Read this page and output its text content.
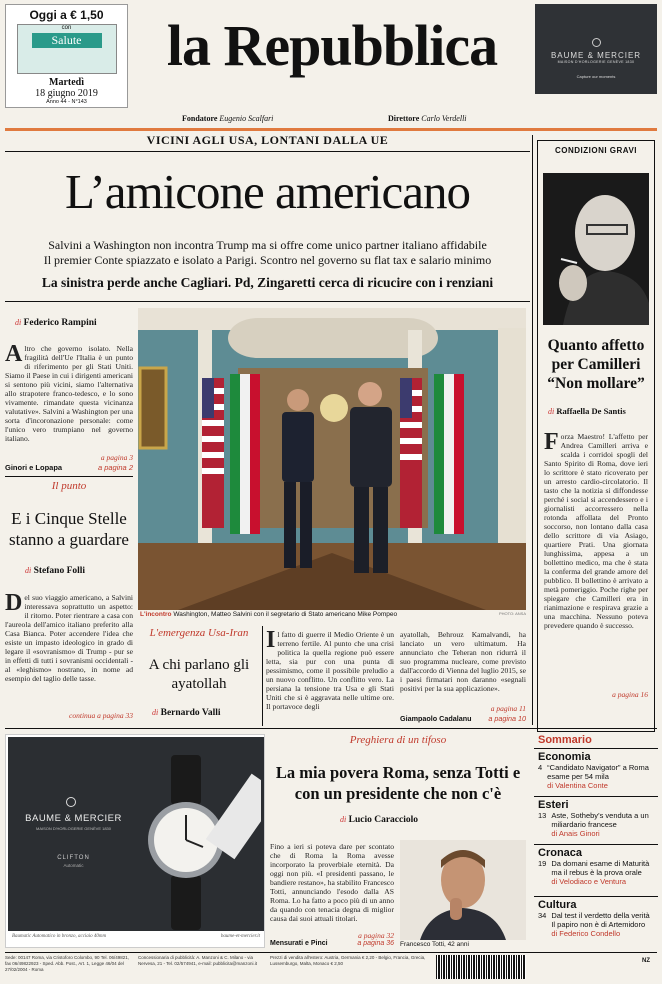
Oggi a € 1,50
con
Salute
Martedì
18 giugno 2019
Anno 44 - N°143
la Repubblica
Fondatore Eugenio Scalfari	Direttore Carlo Verdelli
BAUME & MERCIER
MAISON D'HORLOGERIE GENÈVE 1830
Capture our moments
VICINI AGLI USA, LONTANI DALLA UE
L’amicone americano
Salvini a Washington non incontra Trump ma si offre come unico partner italiano affidabile
Il premier Conte spiazzato e isolato a Parigi. Scontro nel governo su flat tax e salario minimo
La sinistra perde anche Cagliari. Pd, Zingaretti cerca di ricucire con i renziani
di Federico Rampini
Altro che governo isolato. Nella fragilità dell'Ue l'Italia è un punto di riferimento per gli Stati Uniti. Siamo il Paese in cui i dirigenti americani si sentono più vicini, siamo l'alternativa allo strapotere franco-tedesco, e lo sono vivamente. rimandate questa vicinanza valutative». Salvini a Washington per una sorta d'incoronazione personale: come l'unico vero trumpiano nel governo italiano.
a pagina 3
Ginori e Lopapa	a pagina 2
Il punto
E i Cinque Stelle stanno a guardare
di Stefano Folli
Del suo viaggio americano, a Salvini interessava soprattutto un aspetto: il ritorno. Poter rientrare a casa con l'aureola dell'amico italiano preferito alla Casa Bianca. Poter accendere l'idea che esiste un impasto ideologico in grado di legare il «sovranismo» di Trump - pur se in effetti di tutti i sovranismi occidentali - al «leghismo» nostrano, in nome ad esempio del taglio delle tasse.
continua a pagina 33
L'incontro Washington, Matteo Salvini con il segretario di Stato americano Mike Pompeo	PHOTO: ANSA
L'emergenza Usa-Iran
A chi parlano gli ayatollah
di Bernardo Valli
Il fatto di guerre il Medio Oriente è un terreno fertile. Al punto che una crisi politica la quella regione può essere letta, sia pur con una punta di pessimismo, come il possibile preludio a un nuovo conflitto. Un conflitto vero. La persiana la tensione tra Usa e gli Stati Uniti che si è aggravata nelle ultime ore. Il portavoce degli
ayatollah, Behrouz Kamalvandi, ha lanciato un vero ultimatum. Ha annunciato che Teheran non ridurrà il suo programma nucleare, come previsto dall'accordo di Vienna del luglio 2015, se i paesi firmatari non daranno «segnali positivi per la sua applicazione».
a pagina 11
Giampaolo Cadalanu a pagina 10
CONDIZIONI GRAVI
Quanto affetto per Camilleri “Non mollare”
di Raffaella De Santis
Forza Maestro! L'affetto per Andrea Camilleri arriva e scalda i corridoi spogli del Santo Spirito di Roma, dove ieri lo scrittore è stato ricoverato per un arresto cardio-circolatorio. Il tasto che la notizia si diffondesse perché i social si accendessero e i giornalisti accorressero nella rotonda affollata del Pronto soccorso, non lontano dalla casa dello scrittore di via Asiago, quartiere Prati. Una giornata lunghissima, appesa a un bollettino medico, ma che è stata la conferma del grande amore del pubblico. Il bollettino è arrivato a metà pomeriggio. Poche righe per spiegare che Camilleri era in rianimazione e respirava grazie a una macchina. Nessuno poteva prevedere quando è successo.
a pagina 16
BAUME & MERCIER
MAISON D'HORLOGERIE GENÈVE 1830
CLIFTON
Automatic
Baumatic Automatico in bronzo, acciaio 40mm	baume-et-mercier.it
Preghiera di un tifoso
La mia povera Roma, senza Totti e con un presidente che non c'è
di Lucio Caracciolo
Fino a ieri si poteva dare per scontato che di Roma la Roma avesse incorporato la proverbiale eternità. Da oggi non più. «I presidenti passano, le bandiere restano», ha stabilito Francesco Totti, annunciando l'esodo dalla AS Roma. Lo ha fatto a poco più di un anno da quando con tenacia degna di miglior causa dai suoi attuali titolari.
a pagina 32
Mensurati e Pinci	a pagina 36 Francesco Totti, 42 anni
Sommario
Economia
4 “Candidato Navigator” a Roma esame per 54 mila
di Valentina Conte
Esteri
13 Aste, Sotheby’s venduta a un miliardario francese
di Anais Ginori
Cronaca
19 Da domani esame di Maturità ma il rebus è la prova orale
di Velodiaco e Ventura
Cultura
34 Dal test il verdetto della verità Il papiro non è di Artemidoro
di Federico Condello
Sede: 00147 Roma, via Cristoforo Colombo, 90 Tel. 06/49821, fax 06/49822923 - Sped. Abb. Post., Art. 1, Legge 46/04 del 27/02/2004 - Roma
Concessionaria di pubblicità: A. Manzoni & C. Milano - via Nervesa, 21 - Tel. 02/574941, e-mail: pubblicita@manzoni.it
Prezzi di vendita all'estero: Austria, Germania € 2,20 - Belgio, Francia, Grecia, Lussemburgo, Malta, Monaco € 2,50	NZ
